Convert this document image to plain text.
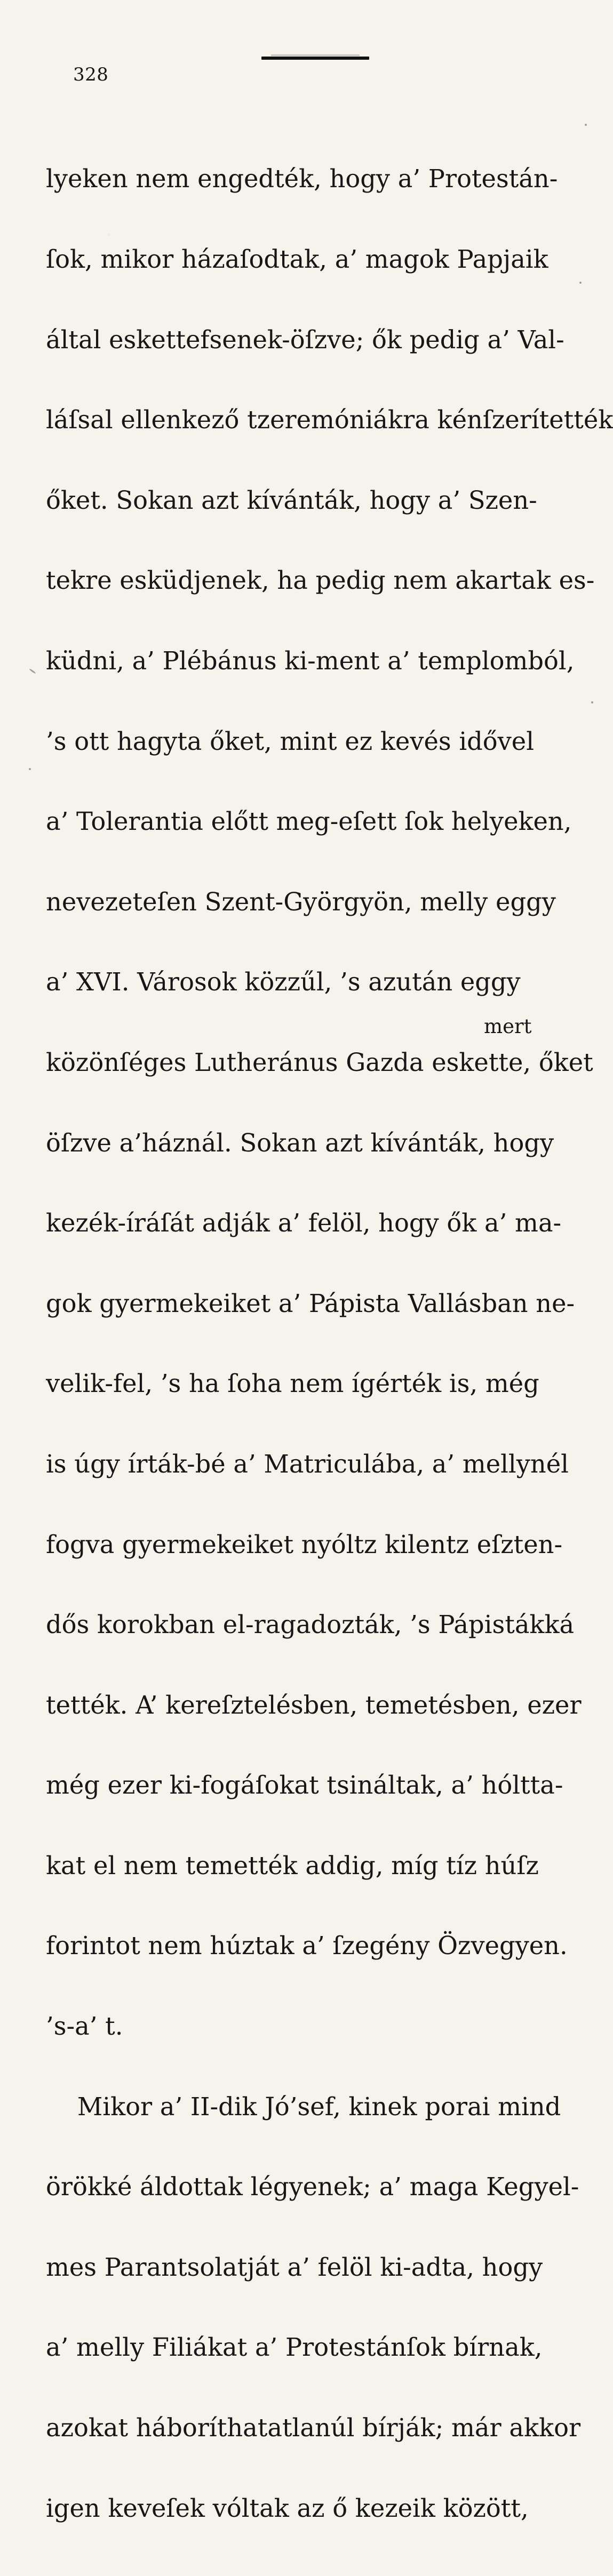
328

lyeken nem engedték, hogy a’ Protestán-

ſok, mikor házaſodtak, a’ magok Papjaik

által eskettefsenek-öſzve; ők pedig a’ Val-

láſsal ellenkező tzeremóniákra kénſzerítették

őket. Sokan azt kívánták, hogy a’ Szen-

tekre esküdjenek, ha pedig nem akartak es-

küdni, a’ Plébánus ki-ment a’ templomból,

’s ott hagyta őket, mint ez kevés idővel

a’ Tolerantia előtt meg-eſett ſok helyeken,

nevezeteſen Szent-Györgyön, melly eggy

a’ XVI. Városok közzűl, ’s azután eggy

közönſéges Lutheránus Gazda eskette, őket

öſzve a’háznál. Sokan azt kívánták, hogy

kezék-íráſát adják a’ felöl, hogy ők a’ ma-

gok gyermekeiket a’ Pápista Vallásban ne-

velik-fel, ’s ha ſoha nem ígérték is, még

is úgy írták-bé a’ Matriculába, a’ mellynél

fogva gyermekeiket nyóltz kilentz eſzten-

dős korokban el-ragadozták, ’s Pápistákká

tették. A’ kereſztelésben, temetésben, ezer

még ezer ki-fogáſokat tsináltak, a’ hóltta-

kat el nem temették addig, míg tíz húſz

forintot nem húztak a’ ſzegény Özvegyen.

’s-a’ t.

Mikor a’ II-dik Jó’sef, kinek porai mind

örökké áldottak légyenek; a’ maga Kegyel-

mes Parantsolatját a’ felöl ki-adta, hogy

a’ melly Filiákat a’ Protestánſok bírnak,

azokat háboríthatatlanúl bírják; már akkor

igen keveſek vóltak az ő kezeik között,

mert
